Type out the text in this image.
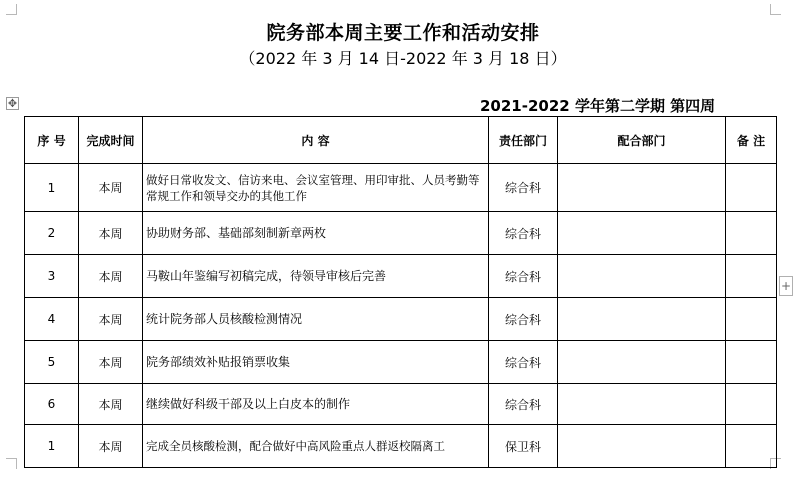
院务部本周主要工作和活动安排
（2022 年 3 月 14 日-2022 年 3 月 18 日）
2021-2022 学年第二学期 第四周
✥
+
序 号	完成时间	内 容	责任部门	配合部门	备 注
1	本周	做好日常收发文、信访来电、会议室管理、用印审批、人员考勤等常规工作和领导交办的其他工作	综合科		
2	本周	协助财务部、基础部刻制新章两枚	综合科		
3	本周	马鞍山年鉴编写初稿完成，待领导审核后完善	综合科		
4	本周	统计院务部人员核酸检测情况	综合科		
5	本周	院务部绩效补贴报销票收集	综合科		
6	本周	继续做好科级干部及以上白皮本的制作	综合科		
1	本周	完成全员核酸检测，配合做好中高风险重点人群返校隔离工	保卫科		
